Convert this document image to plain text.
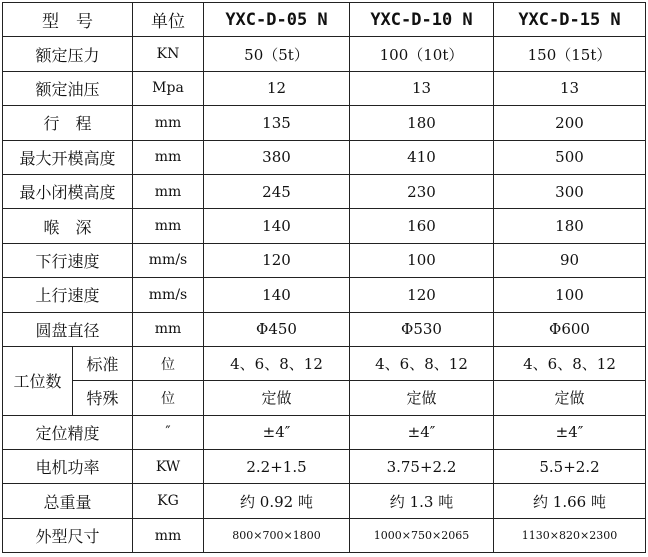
型　号		单位	YXC-D-05 N	YXC-D-10 N	YXC-D-15 N
额定压力		KN	50（5t）	100（10t）	150（15t）
额定油压		Mpa	12	13	13
行　程		mm	135	180	200
最大开模高度		mm	380	410	500
最小闭模高度		mm	245	230	300
喉　深		mm	140	160	180
下行速度		mm/s	120	100	90
上行速度		mm/s	140	120	100
圆盘直径		mm	Φ450	Φ530	Φ600
工位数	标准	位	4、6、8、12	4、6、8、12	4、6、8、12
	特殊	位	定做	定做	定做
定位精度		″	±4″	±4″	±4″
电机功率		KW	2.2+1.5	3.75+2.2	5.5+2.2
总重量		KG	约 0.92 吨	约 1.3 吨	约 1.66 吨
外型尺寸		mm	800×700×1800	1000×750×2065	1130×820×2300
